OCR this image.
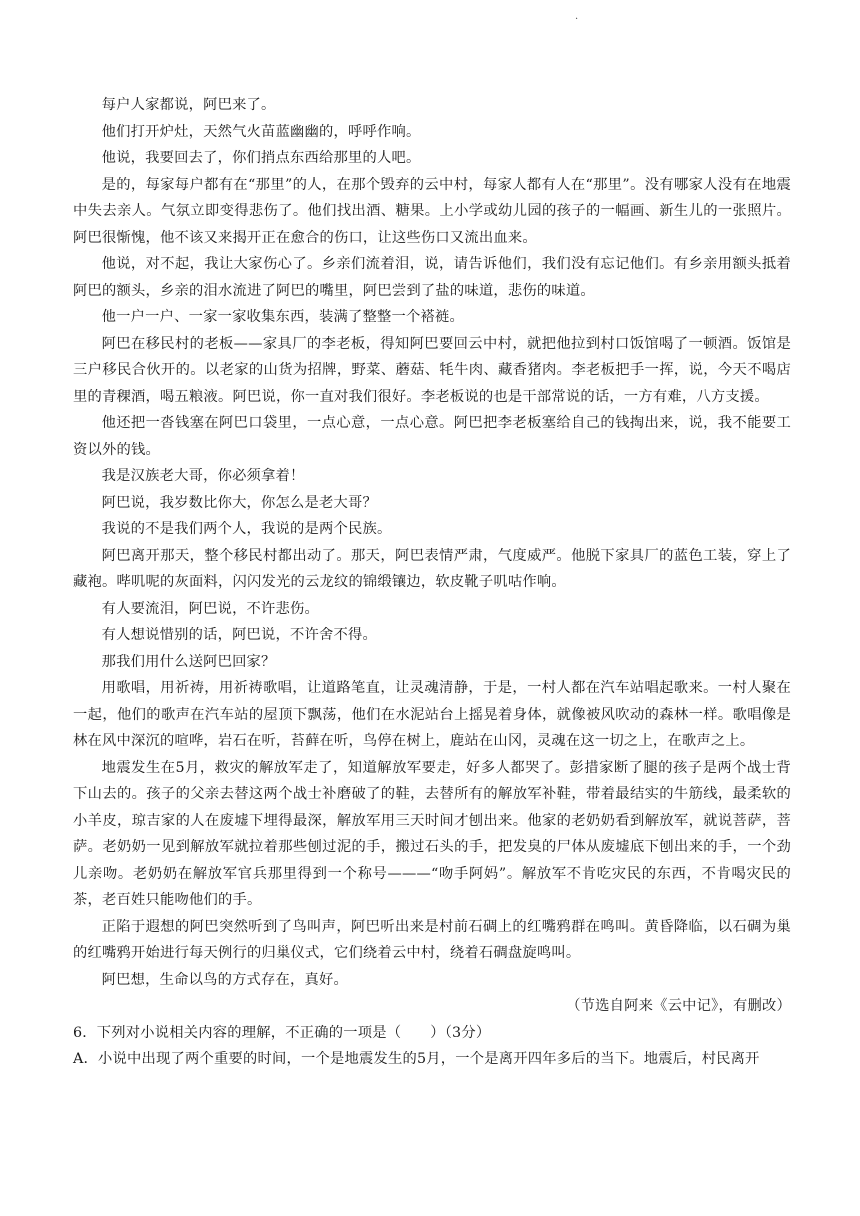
·

每户人家都说，阿巴来了。

他们打开炉灶，天然气火苗蓝幽幽的，呼呼作响。

他说，我要回去了，你们捎点东西给那里的人吧。

是的，每家每户都有在“那里”的人，在那个毁弃的云中村，每家人都有人在“那里”。没有哪家人没有在地震中失去亲人。气氛立即变得悲伤了。他们找出酒、糖果。上小学或幼儿园的孩子的一幅画、新生儿的一张照片。阿巴很惭愧，他不该又来揭开正在愈合的伤口，让这些伤口又流出血来。

他说，对不起，我让大家伤心了。乡亲们流着泪，说，请告诉他们，我们没有忘记他们。有乡亲用额头抵着阿巴的额头，乡亲的泪水流进了阿巴的嘴里，阿巴尝到了盐的味道，悲伤的味道。

他一户一户、一家一家收集东西，装满了整整一个褡裢。

阿巴在移民村的老板——家具厂的李老板，得知阿巴要回云中村，就把他拉到村口饭馆喝了一顿酒。饭馆是三户移民合伙开的。以老家的山货为招牌，野菜、蘑菇、牦牛肉、藏香猪肉。李老板把手一挥，说，今天不喝店里的青稞酒，喝五粮液。阿巴说，你一直对我们很好。李老板说的也是干部常说的话，一方有难，八方支援。

他还把一沓钱塞在阿巴口袋里，一点心意，一点心意。阿巴把李老板塞给自己的钱掏出来，说，我不能要工资以外的钱。

我是汉族老大哥，你必须拿着！

阿巴说，我岁数比你大，你怎么是老大哥？

我说的不是我们两个人，我说的是两个民族。

阿巴离开那天，整个移民村都出动了。那天，阿巴表情严肃，气度威严。他脱下家具厂的蓝色工装，穿上了藏袍。哔叽呢的灰面料，闪闪发光的云龙纹的锦缎镶边，软皮靴子叽咕作响。

有人要流泪，阿巴说，不许悲伤。

有人想说惜别的话，阿巴说，不许舍不得。

那我们用什么送阿巴回家？

用歌唱，用祈祷，用祈祷歌唱，让道路笔直，让灵魂清静，于是，一村人都在汽车站唱起歌来。一村人聚在一起，他们的歌声在汽车站的屋顶下飘荡，他们在水泥站台上摇晃着身体，就像被风吹动的森林一样。歌唱像是林在风中深沉的喧哗，岩石在听，苔藓在听，鸟停在树上，鹿站在山冈，灵魂在这一切之上，在歌声之上。

地震发生在5月，救灾的解放军走了，知道解放军要走，好多人都哭了。彭措家断了腿的孩子是两个战士背下山去的。孩子的父亲去替这两个战士补磨破了的鞋，去替所有的解放军补鞋，带着最结实的牛筋线，最柔软的小羊皮，琼吉家的人在废墟下埋得最深，解放军用三天时间才刨出来。他家的老奶奶看到解放军，就说菩萨，菩萨。老奶奶一见到解放军就拉着那些刨过泥的手，搬过石头的手，把发臭的尸体从废墟底下刨出来的手，一个劲儿亲吻。老奶奶在解放军官兵那里得到一个称号———“吻手阿妈”。解放军不肯吃灾民的东西，不肯喝灾民的茶，老百姓只能吻他们的手。

正陷于遐想的阿巴突然听到了鸟叫声，阿巴听出来是村前石碉上的红嘴鸦群在鸣叫。黄昏降临，以石碉为巢的红嘴鸦开始进行每天例行的归巢仪式，它们绕着云中村，绕着石碉盘旋鸣叫。

阿巴想，生命以鸟的方式存在，真好。

（节选自阿来《云中记》，有删改）

6．下列对小说相关内容的理解，不正确的一项是（　　）（3分）

A．小说中出现了两个重要的时间，一个是地震发生的5月，一个是离开四年多后的当下。地震后，村民离开
